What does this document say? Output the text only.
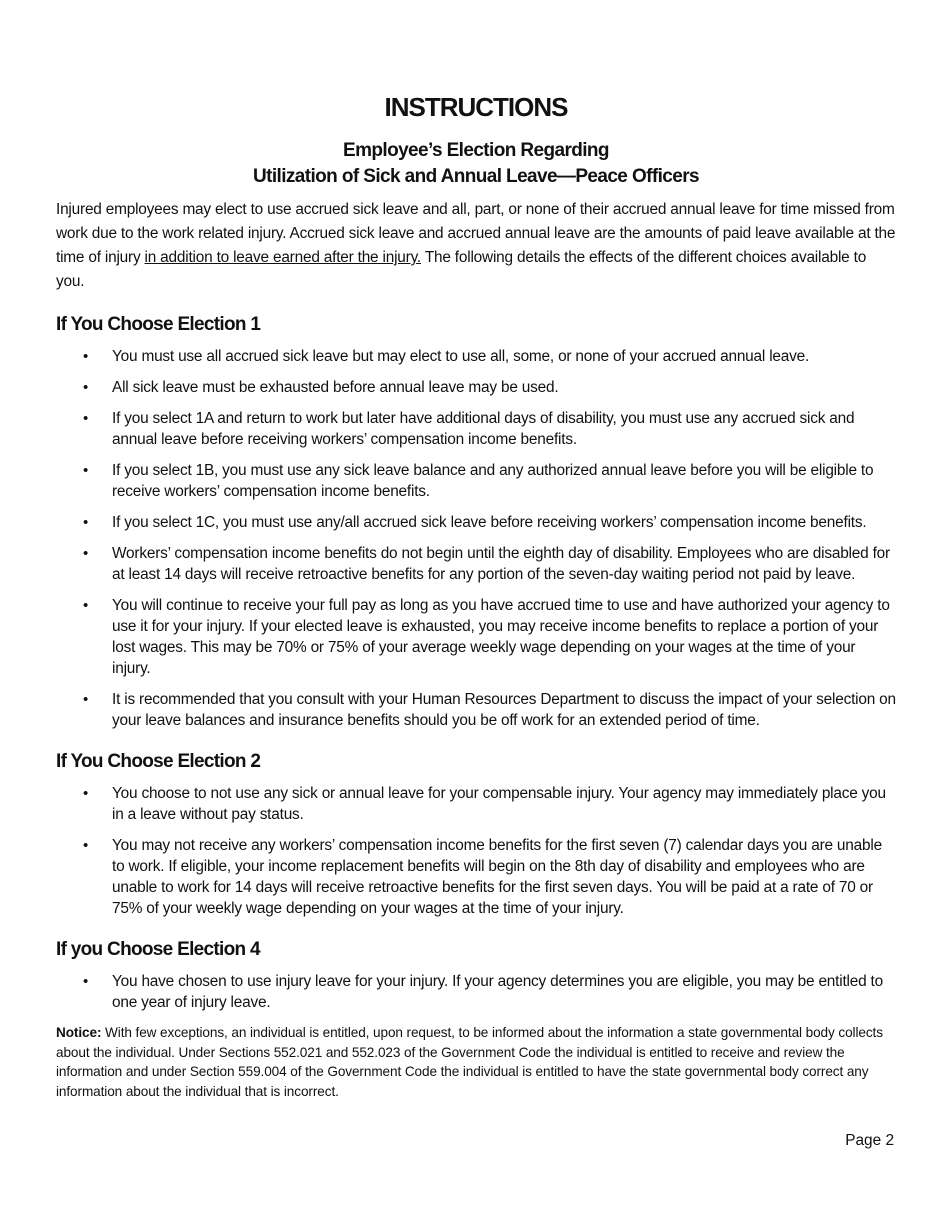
INSTRUCTIONS
Employee’s Election Regarding
Utilization of Sick and Annual Leave—Peace Officers

Injured employees may elect to use accrued sick leave and all, part, or none of their accrued annual leave for time missed from work due to the work related injury. Accrued sick leave and accrued annual leave are the amounts of paid leave available at the time of injury in addition to leave earned after the injury. The following details the effects of the different choices available to you.

If You Choose Election 1
• You must use all accrued sick leave but may elect to use all, some, or none of your accrued annual leave.
• All sick leave must be exhausted before annual leave may be used.
• If you select 1A and return to work but later have additional days of disability, you must use any accrued sick and annual leave before receiving workers’ compensation income benefits.
• If you select 1B, you must use any sick leave balance and any authorized annual leave before you will be eligible to receive workers’ compensation income benefits.
• If you select 1C, you must use any/all accrued sick leave before receiving workers’ compensation income benefits.
• Workers’ compensation income benefits do not begin until the eighth day of disability. Employees who are disabled for at least 14 days will receive retroactive benefits for any portion of the seven-day waiting period not paid by leave.
• You will continue to receive your full pay as long as you have accrued time to use and have authorized your agency to use it for your injury. If your elected leave is exhausted, you may receive income benefits to replace a portion of your lost wages. This may be 70% or 75% of your average weekly wage depending on your wages at the time of your injury.
• It is recommended that you consult with your Human Resources Department to discuss the impact of your selection on your leave balances and insurance benefits should you be off work for an extended period of time.
If You Choose Election 2
• You choose to not use any sick or annual leave for your compensable injury. Your agency may immediately place you in a leave without pay status.
• You may not receive any workers’ compensation income benefits for the first seven (7) calendar days you are unable to work. If eligible, your income replacement benefits will begin on the 8th day of disability and employees who are unable to work for 14 days will receive retroactive benefits for the first seven days. You will be paid at a rate of 70 or 75% of your weekly wage depending on your wages at the time of your injury.
If you Choose Election 4
• You have chosen to use injury leave for your injury. If your agency determines you are eligible, you may be entitled to one year of injury leave.

Notice: With few exceptions, an individual is entitled, upon request, to be informed about the information a state governmental body collects about the individual. Under Sections 552.021 and 552.023 of the Government Code the individual is entitled to receive and review the information and under Section 559.004 of the Government Code the individual is entitled to have the state governmental body correct any information about the individual that is incorrect.

Page 2
